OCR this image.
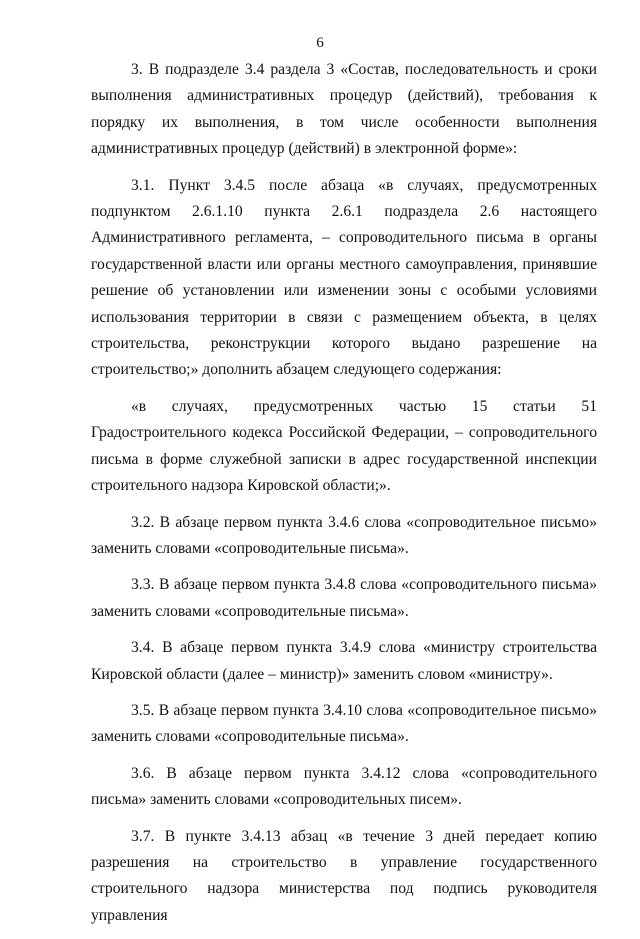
6

3. В подразделе 3.4 раздела 3 «Состав, последовательность и сроки выполнения административных процедур (действий), требования к порядку их выполнения, в том числе особенности выполнения административных процедур (действий) в электронной форме»:

3.1. Пункт 3.4.5 после абзаца «в случаях, предусмотренных подпунктом 2.6.1.10 пункта 2.6.1 подраздела 2.6 настоящего Административного регламента, – сопроводительного письма в органы государственной власти или органы местного самоуправления, принявшие решение об установлении или изменении зоны с особыми условиями использования территории в связи с размещением объекта, в целях строительства, реконструкции которого выдано разрешение на строительство;» дополнить абзацем следующего содержания:

«в случаях, предусмотренных частью 15 статьи 51 Градостроительного кодекса Российской Федерации, – сопроводительного письма в форме служебной записки в адрес государственной инспекции строительного надзора Кировской области;».

3.2. В абзаце первом пункта 3.4.6 слова «сопроводительное письмо» заменить словами «сопроводительные письма».

3.3. В абзаце первом пункта 3.4.8 слова «сопроводительного письма» заменить словами «сопроводительные письма».

3.4. В абзаце первом пункта 3.4.9 слова «министру строительства Кировской области (далее – министр)» заменить словом «министру».

3.5. В абзаце первом пункта 3.4.10 слова «сопроводительное письмо» заменить словами «сопроводительные письма».

3.6. В абзаце первом пункта 3.4.12 слова «сопроводительного письма» заменить словами «сопроводительных писем».

3.7. В пункте 3.4.13 абзац «в течение 3 дней передает копию разрешения на строительство в управление государственного строительного надзора министерства под подпись руководителя управления
